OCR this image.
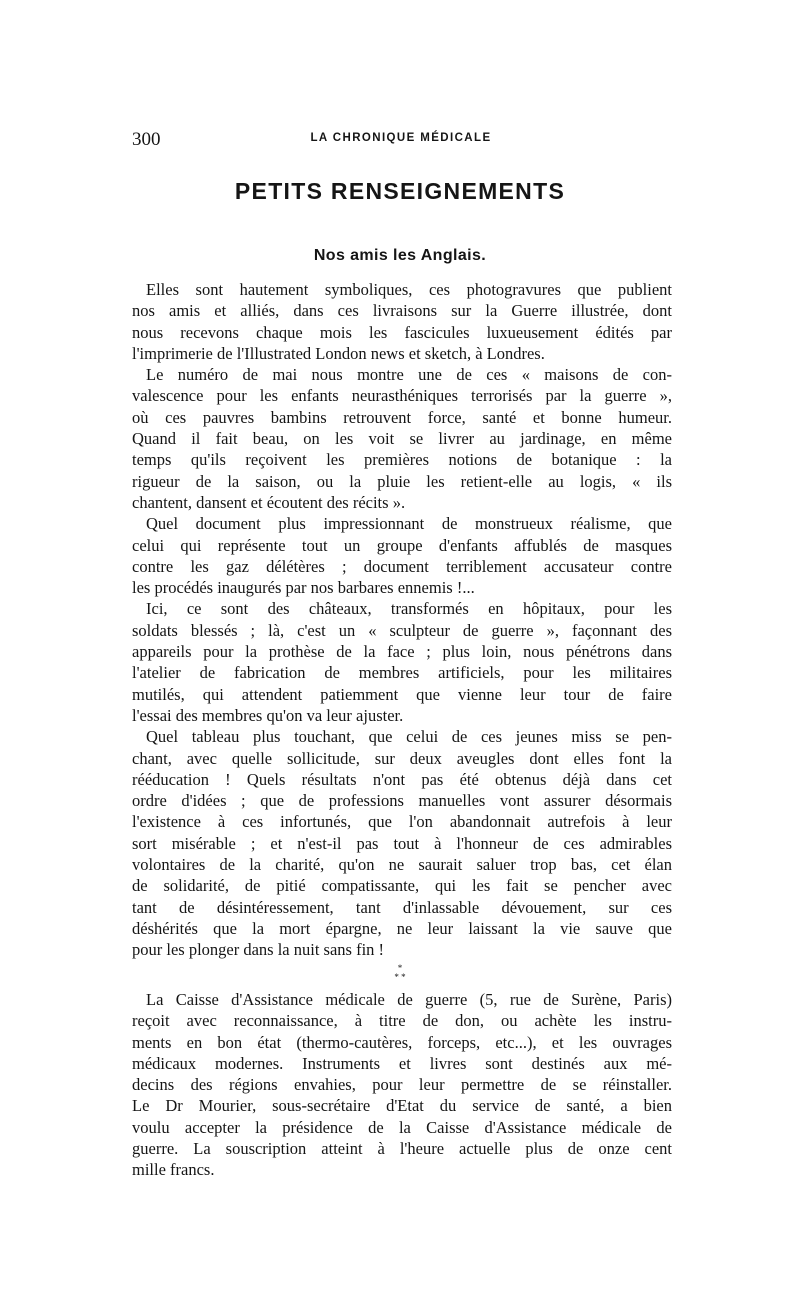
300	LA CHRONIQUE MÉDICALE
PETITS RENSEIGNEMENTS
Nos amis les Anglais.

Elles sont hautement symboliques, ces photogravures que publient
nos amis et alliés, dans ces livraisons sur la Guerre illustrée, dont
nous recevons chaque mois les fascicules luxueusement édités par
l'imprimerie de l'Illustrated London news et sketch, à Londres.

Le numéro de mai nous montre une de ces « maisons de con-
valescence pour les enfants neurasthéniques terrorisés par la guerre »,
où ces pauvres bambins retrouvent force, santé et bonne humeur.
Quand il fait beau, on les voit se livrer au jardinage, en même
temps qu'ils reçoivent les premières notions de botanique : la
rigueur de la saison, ou la pluie les retient-elle au logis, « ils
chantent, dansent et écoutent des récits ».

Quel document plus impressionnant de monstrueux réalisme, que
celui qui représente tout un groupe d'enfants affublés de masques
contre les gaz délétères ; document terriblement accusateur contre
les procédés inaugurés par nos barbares ennemis !...

Ici, ce sont des châteaux, transformés en hôpitaux, pour les
soldats blessés ; là, c'est un « sculpteur de guerre », façonnant des
appareils pour la prothèse de la face ; plus loin, nous pénétrons dans
l'atelier de fabrication de membres artificiels, pour les militaires
mutilés, qui attendent patiemment que vienne leur tour de faire
l'essai des membres qu'on va leur ajuster.

Quel tableau plus touchant, que celui de ces jeunes miss se pen-
chant, avec quelle sollicitude, sur deux aveugles dont elles font la
rééducation ! Quels résultats n'ont pas été obtenus déjà dans cet
ordre d'idées ; que de professions manuelles vont assurer désormais
l'existence à ces infortunés, que l'on abandonnait autrefois à leur
sort misérable ; et n'est-il pas tout à l'honneur de ces admirables
volontaires de la charité, qu'on ne saurait saluer trop bas, cet élan
de solidarité, de pitié compatissante, qui les fait se pencher avec
tant de désintéressement, tant d'inlassable dévouement, sur ces
déshérités que la mort épargne, ne leur laissant la vie sauve que
pour les plonger dans la nuit sans fin !

*
* *

La Caisse d'Assistance médicale de guerre (5, rue de Surène, Paris)
reçoit avec reconnaissance, à titre de don, ou achète les instru-
ments en bon état (thermo-cautères, forceps, etc...), et les ouvrages
médicaux modernes. Instruments et livres sont destinés aux mé-
decins des régions envahies, pour leur permettre de se réinstaller.
Le Dr Mourier, sous-secrétaire d'Etat du service de santé, a bien
voulu accepter la présidence de la Caisse d'Assistance médicale de
guerre. La souscription atteint à l'heure actuelle plus de onze cent
mille francs.
